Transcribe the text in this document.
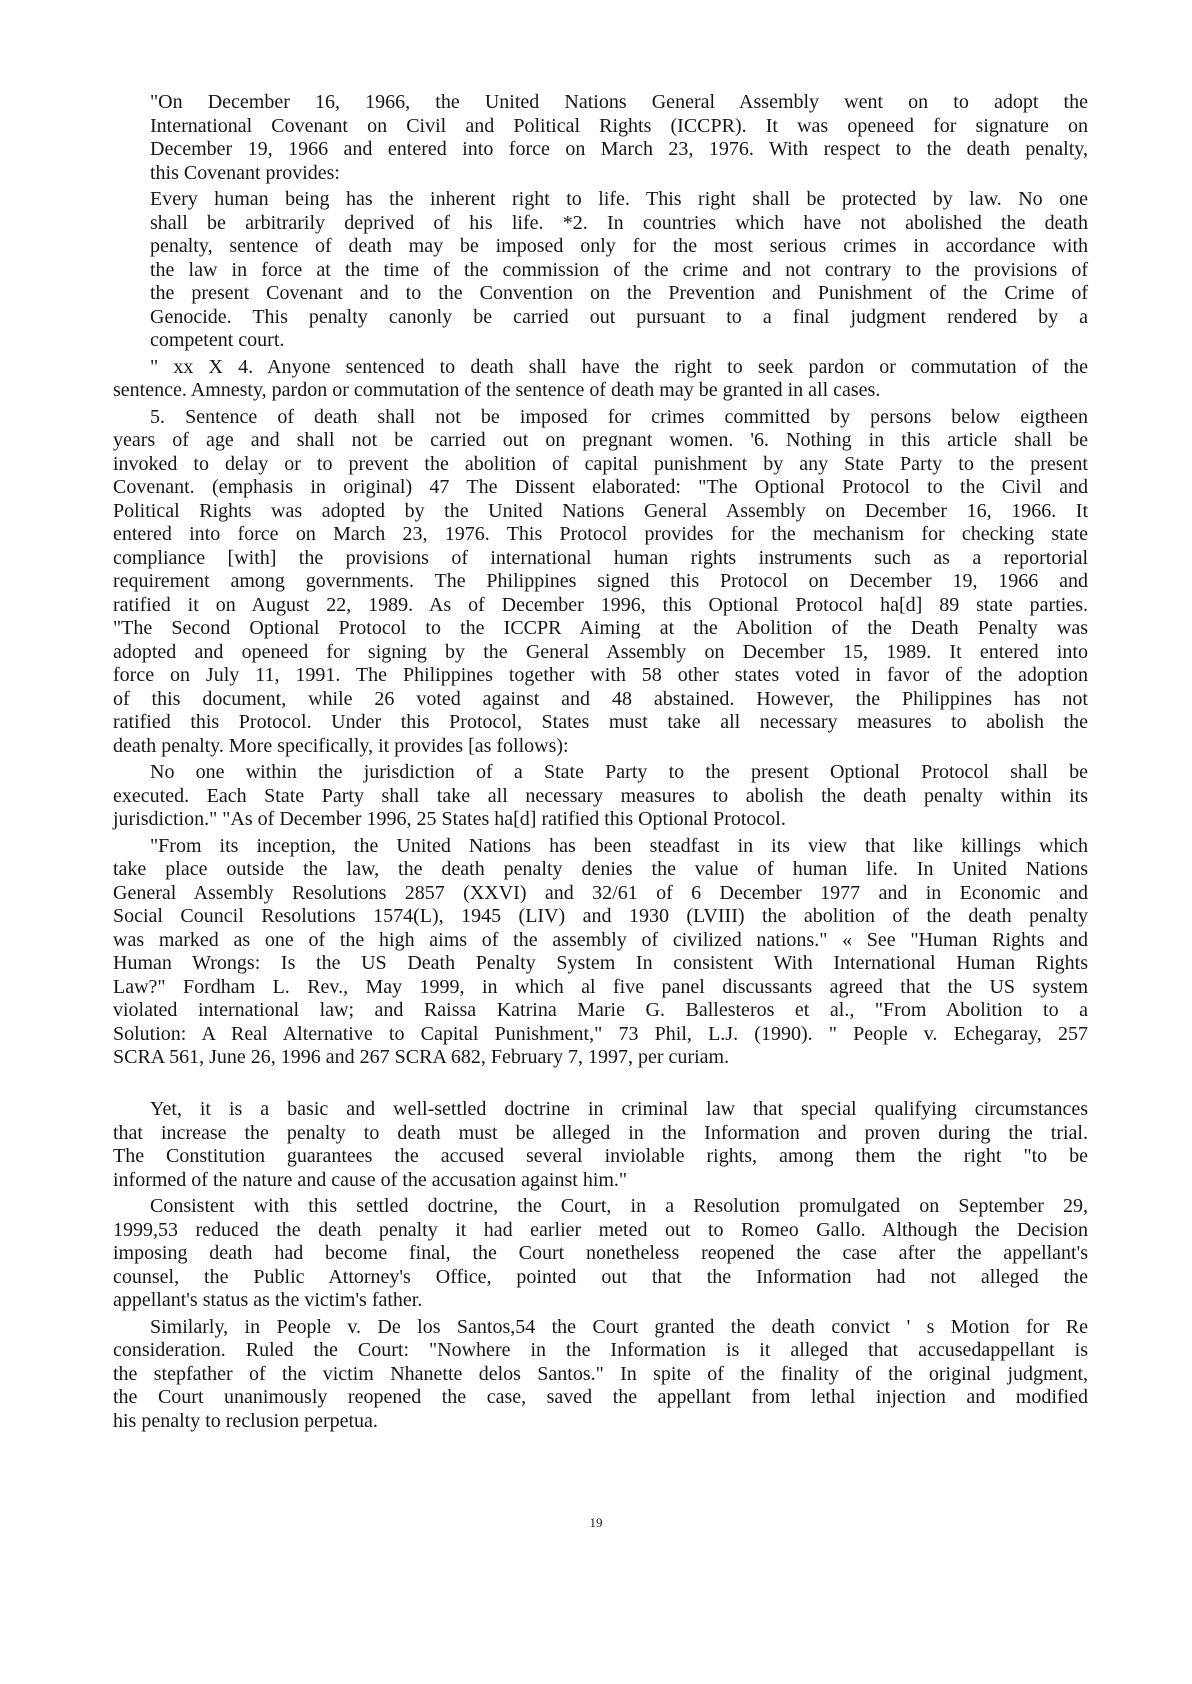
"On December 16, 1966, the United Nations General Assembly went on to adopt the
International Covenant on Civil and Political Rights (ICCPR). It was openeed for signature on
December 19, 1966 and entered into force on March 23, 1976. With respect to the death penalty,
this Covenant provides:
Every human being has the inherent right to life. This right shall be protected by law. No one
shall be arbitrarily deprived of his life. *2. In countries which have not abolished the death
penalty, sentence of death may be imposed only for the most serious crimes in accordance with
the law in force at the time of the commission of the crime and not contrary to the provisions of
the present Covenant and to the Convention on the Prevention and Punishment of the Crime of
Genocide. This penalty canonly be carried out pursuant to a final judgment rendered by a
competent court.
" xx X 4. Anyone sentenced to death shall have the right to seek pardon or commutation of the
sentence. Amnesty, pardon or commutation of the sentence of death may be granted in all cases.
5. Sentence of death shall not be imposed for crimes committed by persons below eigtheen
years of age and shall not be carried out on pregnant women. '6. Nothing in this article shall be
invoked to delay or to prevent the abolition of capital punishment by any State Party to the present
Covenant. (emphasis in original) 47 The Dissent elaborated: "The Optional Protocol to the Civil and
Political Rights was adopted by the United Nations General Assembly on December 16, 1966. It
entered into force on March 23, 1976. This Protocol provides for the mechanism for checking state
compliance [with] the provisions of international human rights instruments such as a reportorial
requirement among governments. The Philippines signed this Protocol on December 19, 1966 and
ratified it on August 22, 1989. As of December 1996, this Optional Protocol ha[d] 89 state parties.
"The Second Optional Protocol to the ICCPR Aiming at the Abolition of the Death Penalty was
adopted and openeed for signing by the General Assembly on December 15, 1989. It entered into
force on July 11, 1991. The Philippines together with 58 other states voted in favor of the adoption
of this document, while 26 voted against and 48 abstained. However, the Philippines has not
ratified this Protocol. Under this Protocol, States must take all necessary measures to abolish the
death penalty. More specifically, it provides [as follows):
No one within the jurisdiction of a State Party to the present Optional Protocol shall be
executed. Each State Party shall take all necessary measures to abolish the death penalty within its
jurisdiction." "As of December 1996, 25 States ha[d] ratified this Optional Protocol.
"From its inception, the United Nations has been steadfast in its view that like killings which
take place outside the law, the death penalty denies the value of human life. In United Nations
General Assembly Resolutions 2857 (XXVI) and 32/61 of 6 December 1977 and in Economic and
Social Council Resolutions 1574(L), 1945 (LIV) and 1930 (LVIII) the abolition of the death penalty
was marked as one of the high aims of the assembly of civilized nations." « See "Human Rights and
Human Wrongs: Is the US Death Penalty System In consistent With International Human Rights
Law?" Fordham L. Rev., May 1999, in which al five panel discussants agreed that the US system
violated international law; and Raissa Katrina Marie G. Ballesteros et al., "From Abolition to a
Solution: A Real Alternative to Capital Punishment," 73 Phil, L.J. (1990). " People v. Echegaray, 257
SCRA 561, June 26, 1996 and 267 SCRA 682, February 7, 1997, per curiam.
Yet, it is a basic and well-settled doctrine in criminal law that special qualifying circumstances
that increase the penalty to death must be alleged in the Information and proven during the trial.
The Constitution guarantees the accused several inviolable rights, among them the right "to be
informed of the nature and cause of the accusation against him."
Consistent with this settled doctrine, the Court, in a Resolution promulgated on September 29,
1999,53 reduced the death penalty it had earlier meted out to Romeo Gallo. Although the Decision
imposing death had become final, the Court nonetheless reopened the case after the appellant's
counsel, the Public Attorney's Office, pointed out that the Information had not alleged the
appellant's status as the victim's father.
Similarly, in People v. De los Santos,54 the Court granted the death convict ' s Motion for Re
consideration. Ruled the Court: "Nowhere in the Information is it alleged that accusedappellant is
the stepfather of the victim Nhanette delos Santos." In spite of the finality of the original judgment,
the Court unanimously reopened the case, saved the appellant from lethal injection and modified
his penalty to reclusion perpetua.
19
